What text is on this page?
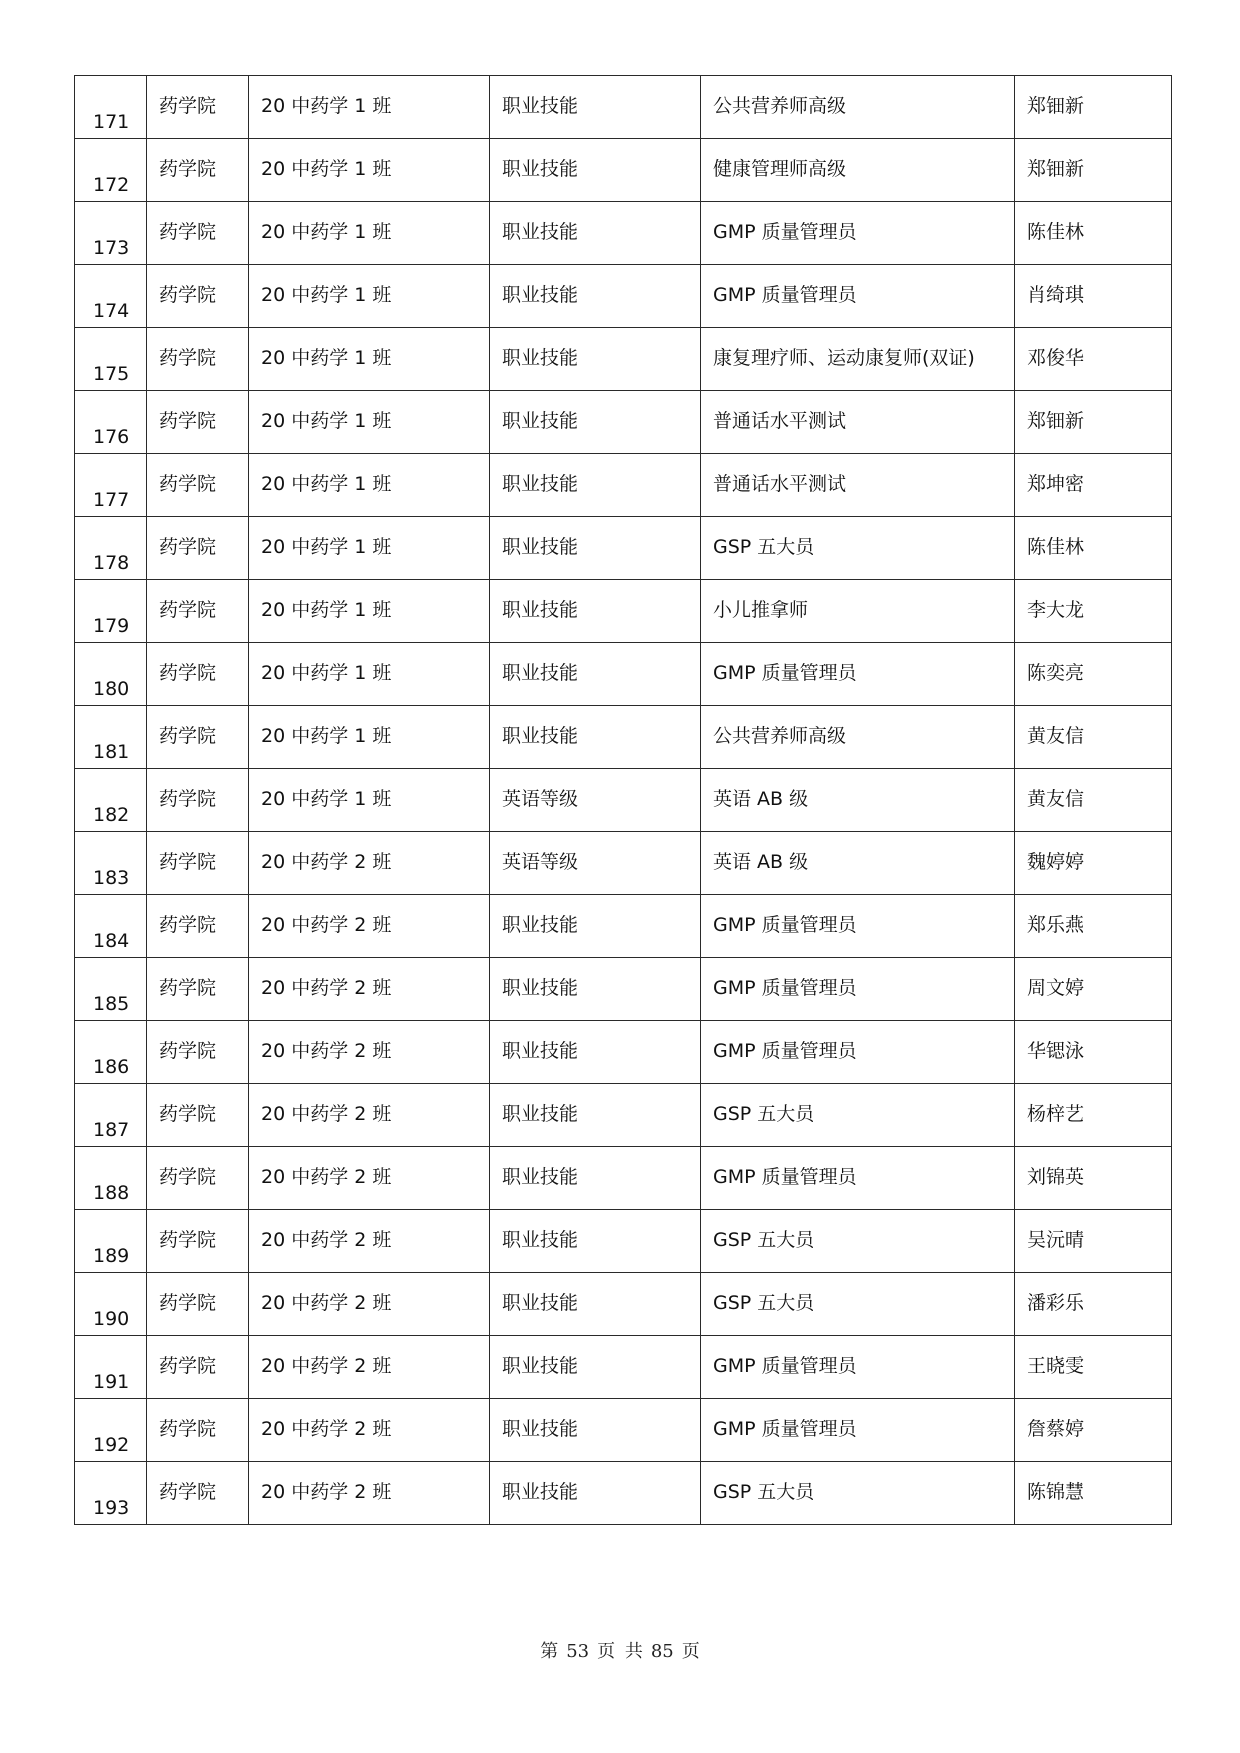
171	药学院	20 中药学 1 班	职业技能	公共营养师高级	郑钿新

172	药学院	20 中药学 1 班	职业技能	健康管理师高级	郑钿新

173	药学院	20 中药学 1 班	职业技能	GMP 质量管理员	陈佳林

174	药学院	20 中药学 1 班	职业技能	GMP 质量管理员	肖绮琪

175	药学院	20 中药学 1 班	职业技能	康复理疗师、运动康复师(双证)	邓俊华

176	药学院	20 中药学 1 班	职业技能	普通话水平测试	郑钿新

177	药学院	20 中药学 1 班	职业技能	普通话水平测试	郑坤密

178	药学院	20 中药学 1 班	职业技能	GSP 五大员	陈佳林

179	药学院	20 中药学 1 班	职业技能	小儿推拿师	李大龙

180	药学院	20 中药学 1 班	职业技能	GMP 质量管理员	陈奕亮

181	药学院	20 中药学 1 班	职业技能	公共营养师高级	黄友信

182	药学院	20 中药学 1 班	英语等级	英语 AB 级	黄友信

183	药学院	20 中药学 2 班	英语等级	英语 AB 级	魏婷婷

184	药学院	20 中药学 2 班	职业技能	GMP 质量管理员	郑乐燕

185	药学院	20 中药学 2 班	职业技能	GMP 质量管理员	周文婷

186	药学院	20 中药学 2 班	职业技能	GMP 质量管理员	华锶泳

187	药学院	20 中药学 2 班	职业技能	GSP 五大员	杨梓艺

188	药学院	20 中药学 2 班	职业技能	GMP 质量管理员	刘锦英

189	药学院	20 中药学 2 班	职业技能	GSP 五大员	吴沅晴

190	药学院	20 中药学 2 班	职业技能	GSP 五大员	潘彩乐

191	药学院	20 中药学 2 班	职业技能	GMP 质量管理员	王晓雯

192	药学院	20 中药学 2 班	职业技能	GMP 质量管理员	詹蔡婷

193	药学院	20 中药学 2 班	职业技能	GSP 五大员	陈锦慧
第 53 页 共 85 页
